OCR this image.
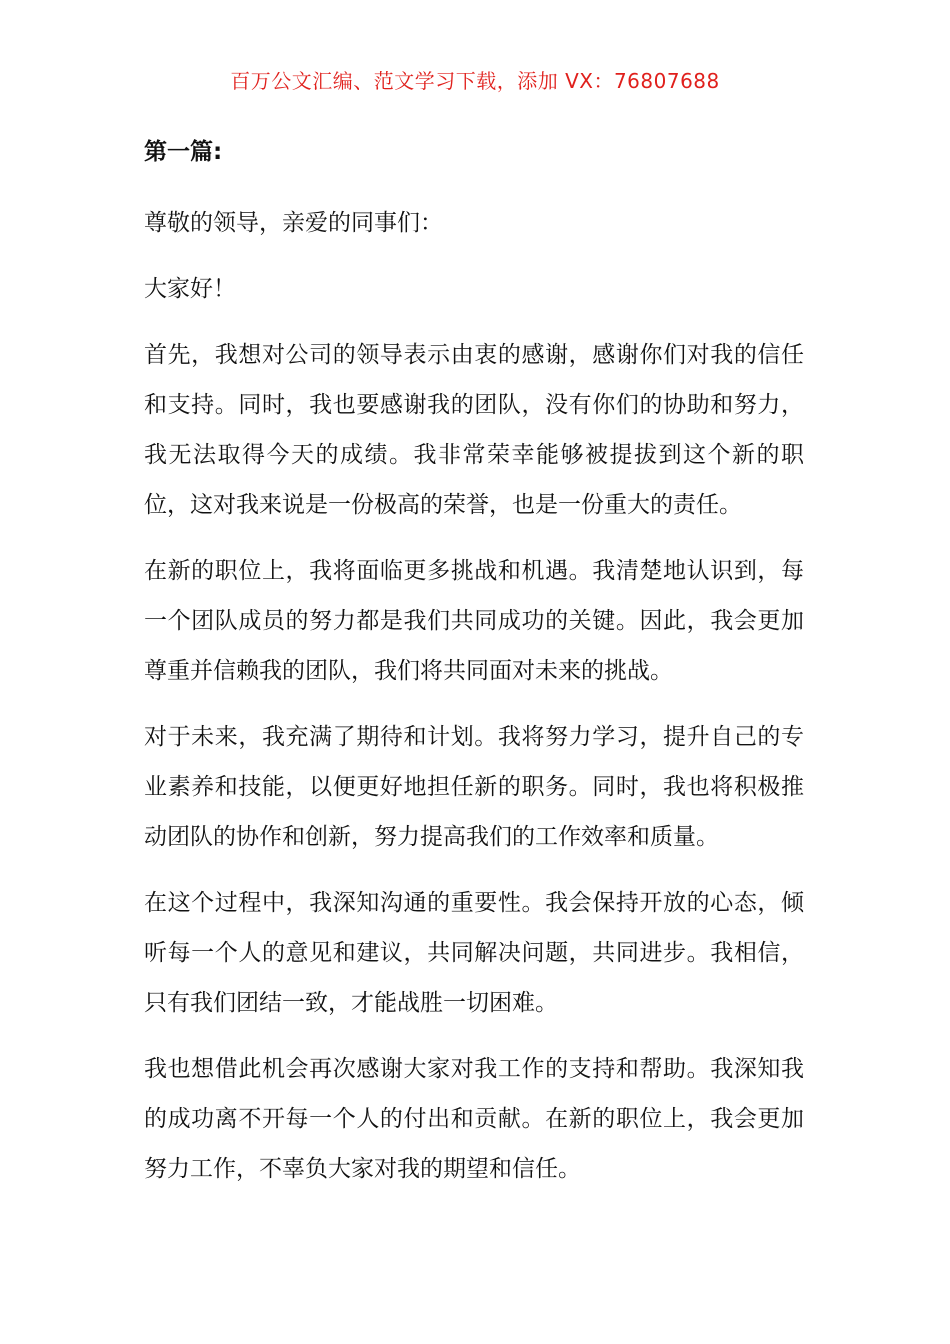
百万公文汇编、范文学习下载，添加 VX：76807688
第一篇:

尊敬的领导，亲爱的同事们：

大家好！

首先，我想对公司的领导表示由衷的感谢，感谢你们对我的信任和支持。同时，我也要感谢我的团队，没有你们的协助和努力，我无法取得今天的成绩。我非常荣幸能够被提拔到这个新的职位，这对我来说是一份极高的荣誉，也是一份重大的责任。

在新的职位上，我将面临更多挑战和机遇。我清楚地认识到，每一个团队成员的努力都是我们共同成功的关键。因此，我会更加尊重并信赖我的团队，我们将共同面对未来的挑战。

对于未来，我充满了期待和计划。我将努力学习，提升自己的专业素养和技能，以便更好地担任新的职务。同时，我也将积极推动团队的协作和创新，努力提高我们的工作效率和质量。

在这个过程中，我深知沟通的重要性。我会保持开放的心态，倾听每一个人的意见和建议，共同解决问题，共同进步。我相信，只有我们团结一致，才能战胜一切困难。

我也想借此机会再次感谢大家对我工作的支持和帮助。我深知我的成功离不开每一个人的付出和贡献。在新的职位上，我会更加努力工作，不辜负大家对我的期望和信任。
